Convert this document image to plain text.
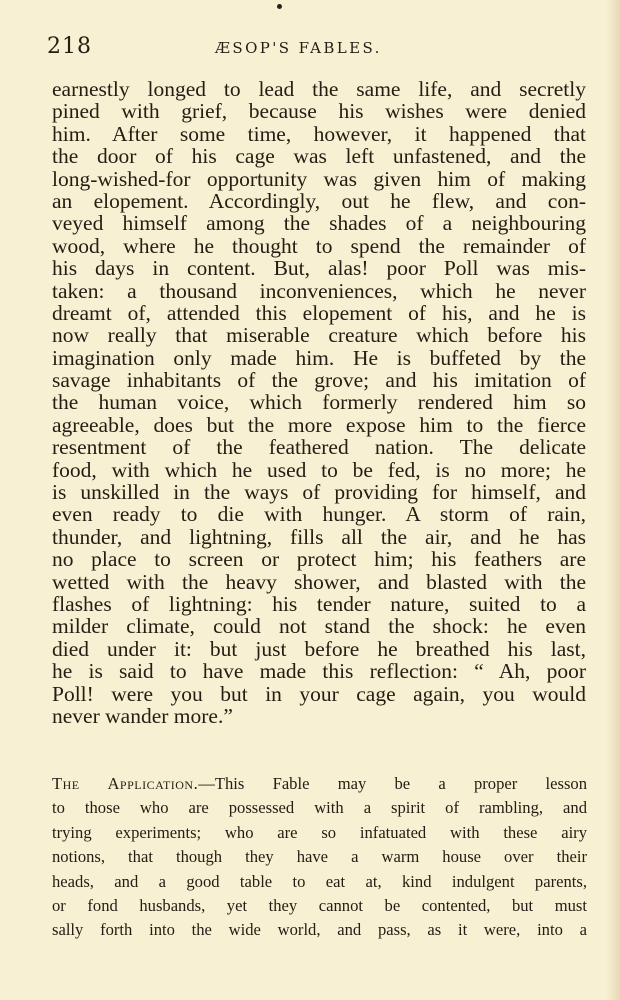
218	ÆSOP'S FABLES.
earnestly longed to lead the same life, and secretly
pined with grief, because his wishes were denied
him. After some time, however, it happened that
the door of his cage was left unfastened, and the
long-wished-for opportunity was given him of making
an elopement. Accordingly, out he flew, and con-
veyed himself among the shades of a neighbouring
wood, where he thought to spend the remainder of
his days in content. But, alas! poor Poll was mis-
taken: a thousand inconveniences, which he never
dreamt of, attended this elopement of his, and he is
now really that miserable creature which before his
imagination only made him. He is buffeted by the
savage inhabitants of the grove; and his imitation of
the human voice, which formerly rendered him so
agreeable, does but the more expose him to the fierce
resentment of the feathered nation. The delicate
food, with which he used to be fed, is no more; he
is unskilled in the ways of providing for himself, and
even ready to die with hunger. A storm of rain,
thunder, and lightning, fills all the air, and he has
no place to screen or protect him; his feathers are
wetted with the heavy shower, and blasted with the
flashes of lightning: his tender nature, suited to a
milder climate, could not stand the shock: he even
died under it: but just before he breathed his last,
he is said to have made this reflection: “ Ah, poor
Poll! were you but in your cage again, you would
never wander more.”
The Application.—This Fable may be a proper lesson
to those who are possessed with a spirit of rambling, and
trying experiments; who are so infatuated with these airy
notions, that though they have a warm house over their
heads, and a good table to eat at, kind indulgent parents,
or fond husbands, yet they cannot be contented, but must
sally forth into the wide world, and pass, as it were, into a
